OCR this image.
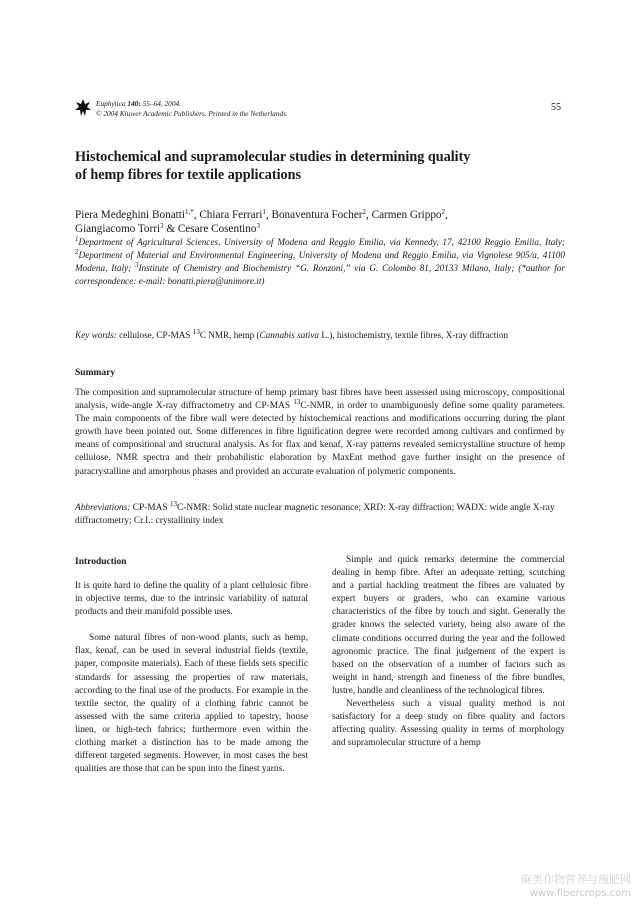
Euphytica 140: 55–64, 2004.
© 2004 Kluwer Academic Publishers. Printed in the Netherlands.
55
Histochemical and supramolecular studies in determining quality
of hemp fibres for textile applications
Piera Medeghini Bonatti$^{1,*}$, Chiara Ferrari$^1$, Bonaventura Focher$^2$, Carmen Grippo$^2$,
Giangiacomo Torri$^3$ & Cesare Cosentino$^3$
$^1$Department of Agricultural Sciences, University of Modena and Reggio Emilia, via Kennedy, 17, 42100 Reggio Emilia, Italy; $^2$Department of Material and Environmental Engineering, University of Modena and Reggio Emilia, via Vignolese 905/a, 41100 Modena, Italy; $^3$Institute of Chemistry and Biochemistry “G. Ronzoni,” via G. Colombo 81, 20133 Milano, Italy; (*author for correspondence: e-mail: bonatti.piera@unimore.it)
Key words: cellulose, CP-MAS $^{13}$C NMR, hemp (Cannabis sativa L.), histochemistry, textile fibres, X-ray diffraction
Summary
The composition and supramolecular structure of hemp primary bast fibres have been assessed using microscopy, compositional analysis, wide-angle X-ray diffractometry and CP-MAS $^{13}$C-NMR, in order to unambiguously define some quality parameters. The main components of the fibre wall were detected by histochemical reactions and modifications occurring during the plant growth have been pointed out. Some differences in fibre lignification degree were recorded among cultivars and confirmed by means of compositional and structural analysis. As for flax and kenaf, X-ray patterns revealed semicrystalline structure of hemp cellulose. NMR spectra and their probabilistic elaboration by MaxEnt method gave further insight on the presence of paracrystalline and amorphous phases and provided an accurate evaluation of polymeric components.
Abbreviations: CP-MAS $^{13}$C-NMR: Solid state nuclear magnetic resonance; XRD: X-ray diffraction; WADX: wide angle X-ray diffractometry; Cr.I.: crystallinity index
Introduction

It is quite hard to define the quality of a plant cellulosic fibre in objective terms, due to the intrinsic variability of natural products and their manifold possible uses.

Some natural fibres of non-wood plants, such as hemp, flax, kenaf, can be used in several industrial fields (textile, paper, composite materials). Each of these fields sets specific standards for assessing the properties of raw materials, according to the final use of the products. For example in the textile sector, the quality of a clothing fabric cannot be assessed with the same criteria applied to tapestry, house linen, or high-tech fabrics; furthermore even within the clothing market a distinction has to be made among the different targeted segments. However, in most cases the best qualities are those that can be spun into the finest yarns.

Simple and quick remarks determine the commercial dealing in hemp fibre. After an adequate retting, scutching and a partial hackling treatment the fibres are valuated by expert buyers or graders, who can examine various characteristics of the fibre by touch and sight. Generally the grader knows the selected variety, being also aware of the climate conditions occurred during the year and the followed agronomic practice. The final judgement of the expert is based on the observation of a number of factors such as weight in hand, strength and fineness of the fibre bundles, lustre, handle and cleanliness of the technological fibres.

Nevertheless such a visual quality method is not satisfactory for a deep study on fibre quality and factors affecting quality. Assessing quality in terms of morphology and supramolecular structure of a hemp

麻类作物营养与施肥网
www.fibercrops.com
